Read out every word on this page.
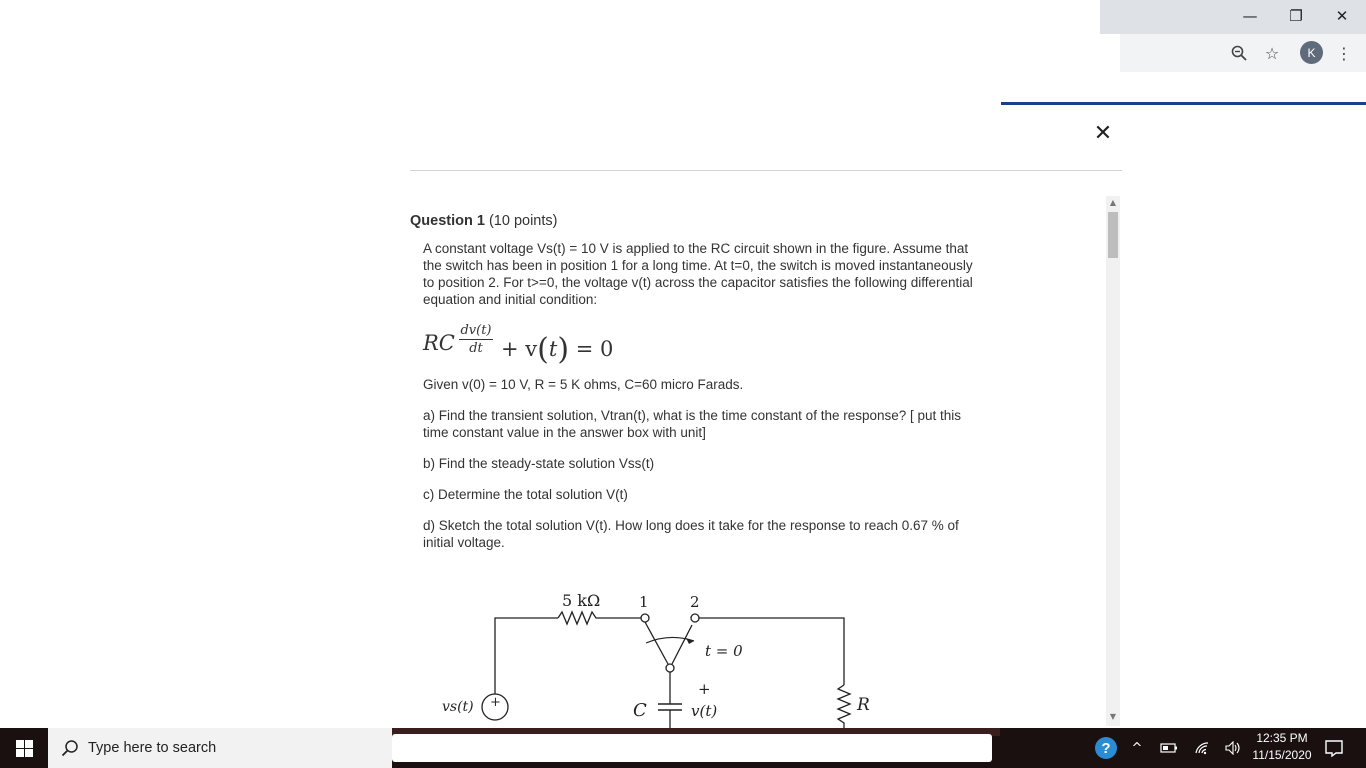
—	❐	✕
☆	K	⋮
✕
Question 1 (10 points)

A constant voltage Vs(t) = 10 V is applied to the RC circuit shown in the figure. Assume that the switch has been in position 1 for a long time. At t=0, the switch is moved instantaneously to position 2. For t>=0, the voltage v(t) across the capacitor satisfies the following differential equation and initial condition:

RC
dv(t)
dt + v(t) = 0

Given v(0) = 10 V, R = 5 K ohms, C=60 micro Farads.

a) Find the transient solution, Vtran(t), what is the time constant of the response? [ put this time constant value in the answer box with unit]

b) Find the steady-state solution Vss(t)

c) Determine the total solution V(t)

d) Sketch the total solution V(t). How long does it take for the response to reach 0.67 % of initial voltage.

+
5 kΩ	1	2
t = 0
+
vs(t)	C	v(t)	R
▲
▼
Type here to search	?	^
12:35 PM
11/15/2020
